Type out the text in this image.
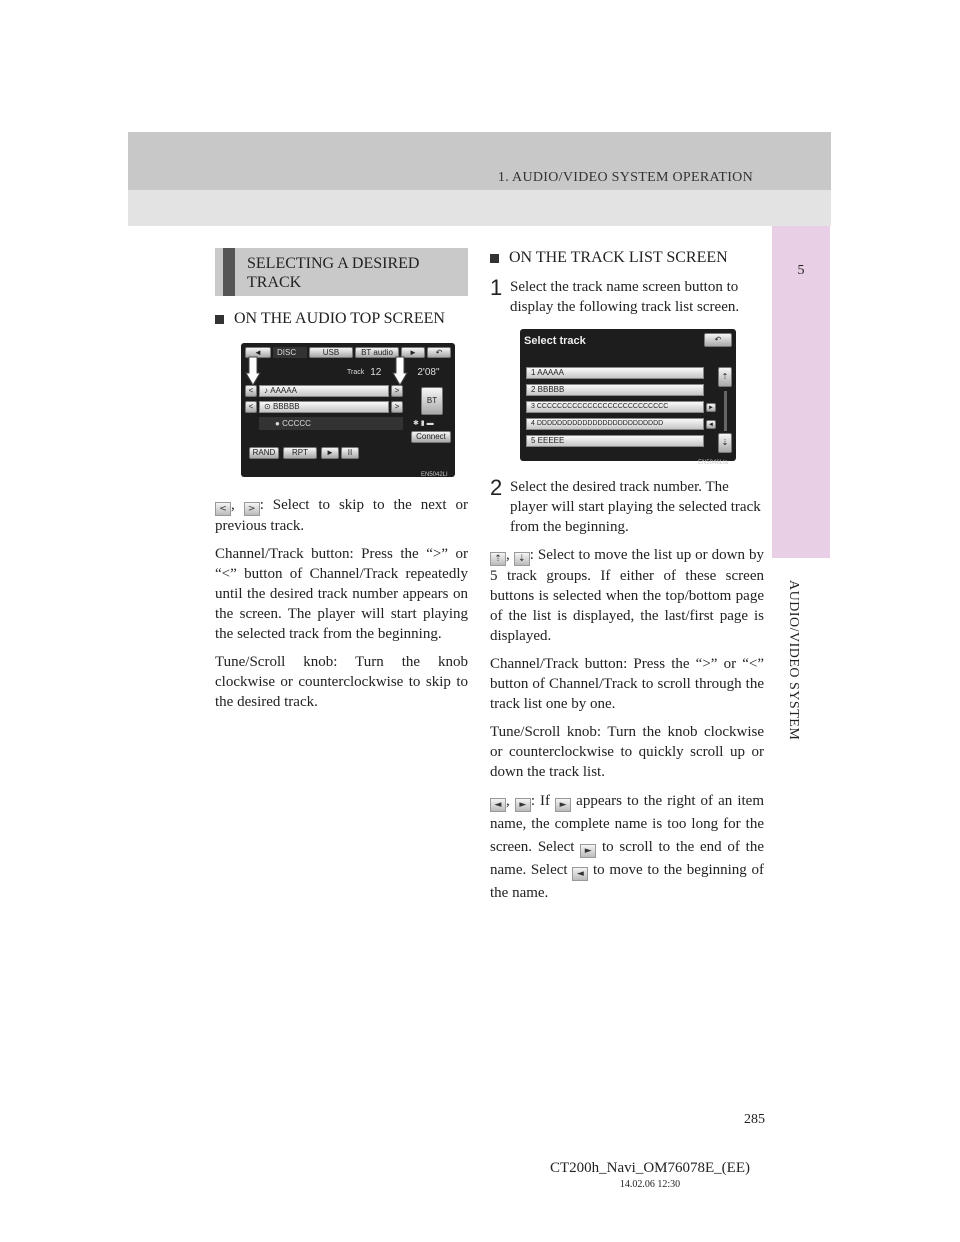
1. AUDIO/VIDEO SYSTEM OPERATION
5
AUDIO/VIDEO SYSTEM
SELECTING A DESIRED TRACK
ON THE AUDIO TOP SCREEN
◄	DISC	USB	BT audio	►	↶
Track 12	2'08"
<	♪ AAAAA	>
<	⊙ BBBBB	>
● CCCCC
BT
✱ ▮ ▬
Connect
RAND	RPT	►	II
EN5042LI

< , > : Select to skip to the next or previous track.

Channel/Track button: Press the “>” or “<” button of Channel/Track repeatedly until the desired track number appears on the screen. The player will start playing the selected track from the beginning.

Tune/Scroll knob: Turn the knob clockwise or counterclockwise to skip to the desired track.

ON THE TRACK LIST SCREEN
1 Select the track name screen button to display the following track list screen.
Select track	↶
1 AAAAA
2 BBBBB
3 CCCCCCCCCCCCCCCCCCCCCCCCCC
4 DDDDDDDDDDDDDDDDDDDDDDDDD
5 EEEEE
►
◄
⇡
⇣
EN5046LIa
2 Select the desired track number. The player will start playing the selected track from the beginning.

⇡ , ⇣ : Select to move the list up or down by 5 track groups. If either of these screen buttons is selected when the top/bottom page of the list is displayed, the last/first page is displayed.

Channel/Track button: Press the “>” or “<” button of Channel/Track to scroll through the track list one by one.

Tune/Scroll knob: Turn the knob clockwise or counterclockwise to quickly scroll up or down the track list.

◄ , ► : If ► appears to the right of an item name, the complete name is too long for the screen. Select ► to scroll to the end of the name. Select ◄ to move to the beginning of the name.

285
CT200h_Navi_OM76078E_(EE)
14.02.06 12:30
